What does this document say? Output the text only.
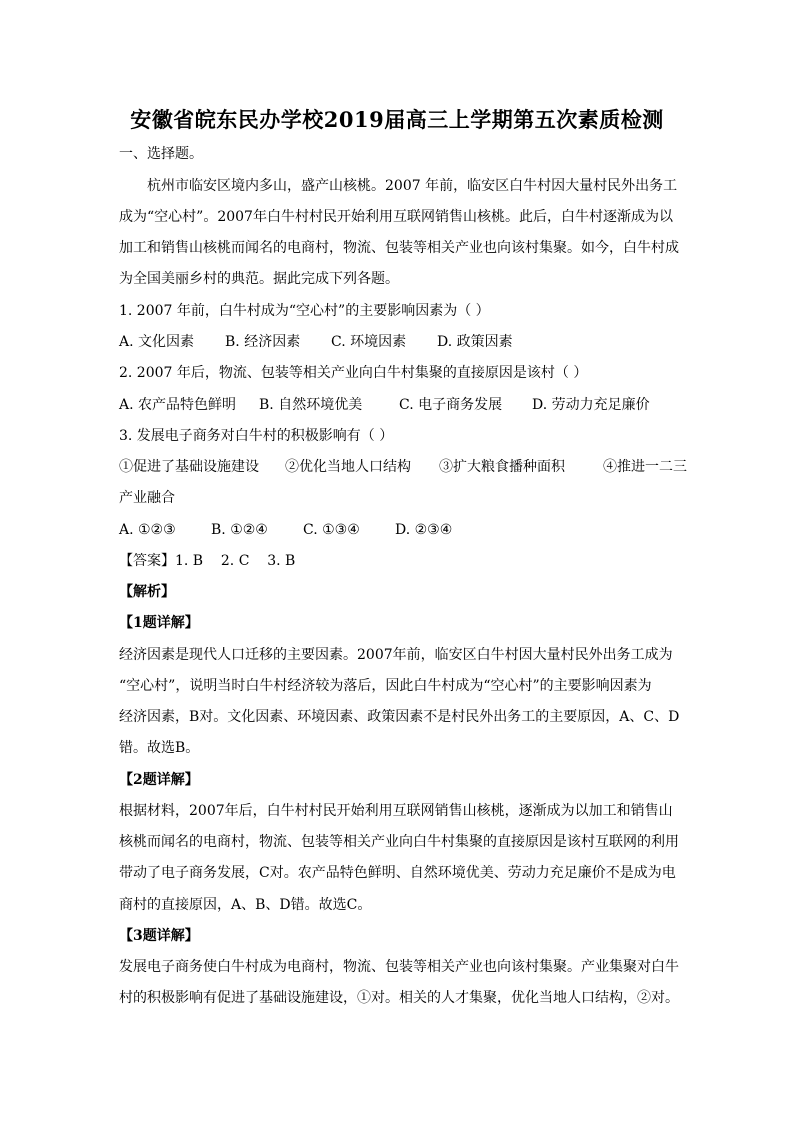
安徽省皖东民办学校2019届高三上学期第五次素质检测
一、选择题。
杭州市临安区境内多山，盛产山核桃。2007 年前，临安区白牛村因大量村民外出务工
成为“空心村”。2007年白牛村村民开始利用互联网销售山核桃。此后，白牛村逐渐成为以
加工和销售山核桃而闻名的电商村，物流、包装等相关产业也向该村集聚。如今，白牛村成
为全国美丽乡村的典范。据此完成下列各题。
1. 2007 年前，白牛村成为“空心村”的主要影响因素为（ ）
A. 文化因素 B. 经济因素 C. 环境因素 D. 政策因素
2. 2007 年后，物流、包装等相关产业向白牛村集聚的直接原因是该村（ ）
A. 农产品特色鲜明 B. 自然环境优美	C. 电子商务发展 D. 劳动力充足廉价
3. 发展电子商务对白牛村的积极影响有（ ）
①促进了基础设施建设 ②优化当地人口结构 ③扩大粮食播种面积	④推进一二三
产业融合
A. ①②③	B. ①②④	C. ①③④	D. ②③④
【答案】1. B    2. C    3. B
【解析】
【1题详解】
经济因素是现代人口迁移的主要因素。2007年前，临安区白牛村因大量村民外出务工成为
“空心村”，说明当时白牛村经济较为落后，因此白牛村成为“空心村”的主要影响因素为
经济因素，B对。文化因素、环境因素、政策因素不是村民外出务工的主要原因，A、C、D
错。故选B。
【2题详解】
根据材料，2007年后，白牛村村民开始利用互联网销售山核桃，逐渐成为以加工和销售山
核桃而闻名的电商村，物流、包装等相关产业向白牛村集聚的直接原因是该村互联网的利用
带动了电子商务发展，C对。农产品特色鲜明、自然环境优美、劳动力充足廉价不是成为电
商村的直接原因，A、B、D错。故选C。
【3题详解】
发展电子商务使白牛村成为电商村，物流、包装等相关产业也向该村集聚。产业集聚对白牛
村的积极影响有促进了基础设施建设，①对。相关的人才集聚，优化当地人口结构，②对。
